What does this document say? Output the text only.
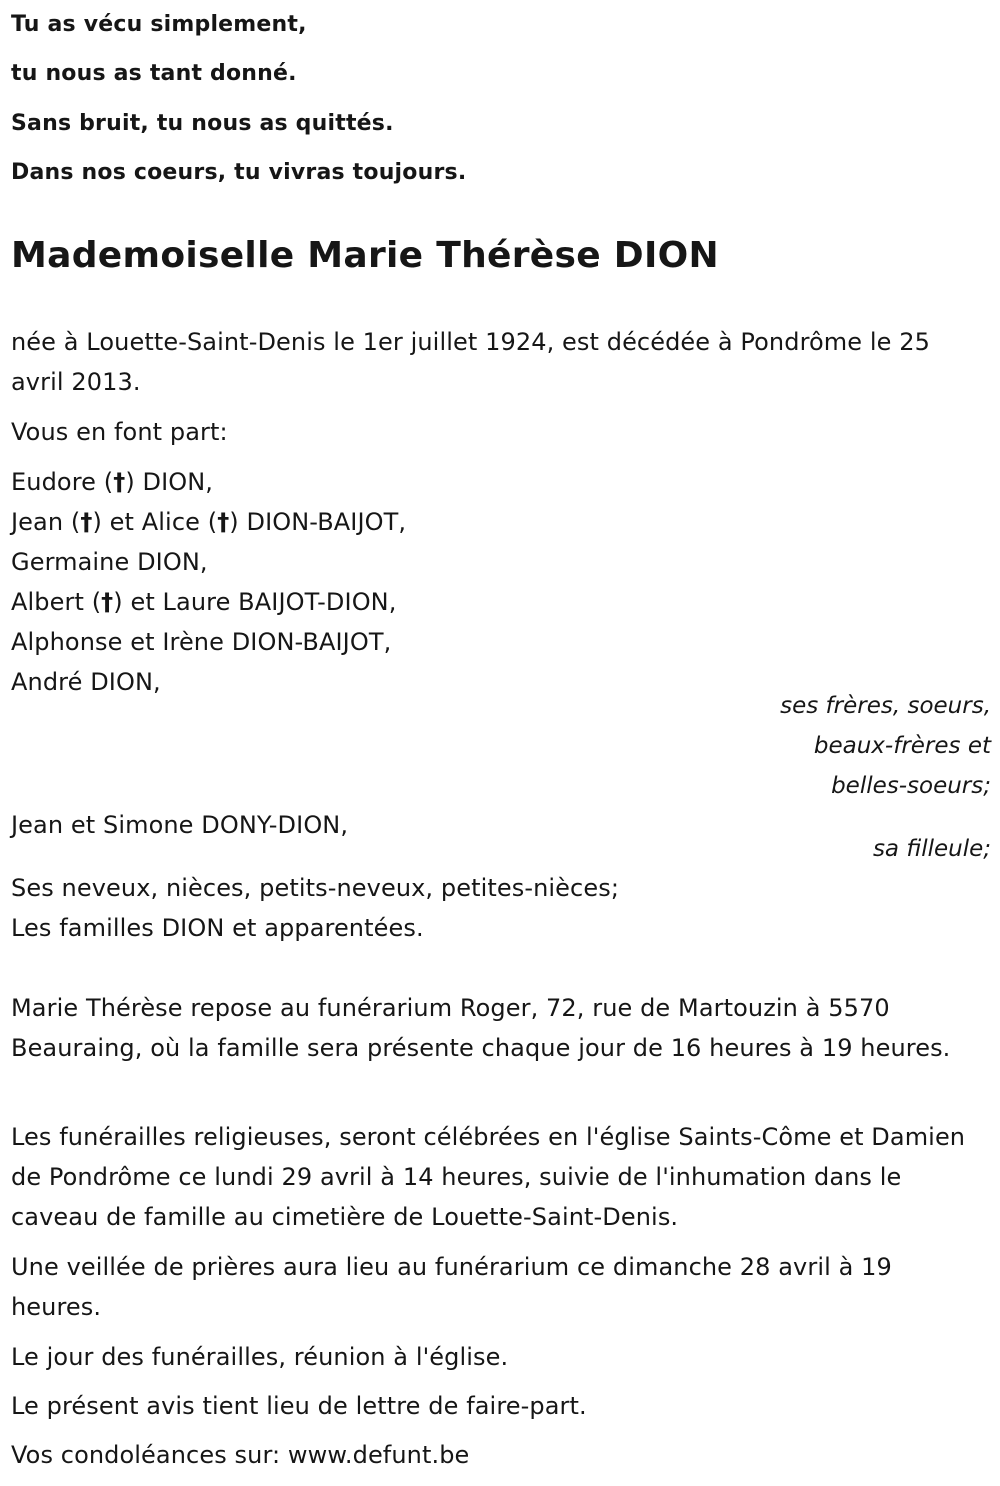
Tu as vécu simplement,

tu nous as tant donné.

Sans bruit, tu nous as quittés.

Dans nos coeurs, tu vivras toujours.

Mademoiselle Marie Thérèse DION

née à Louette-Saint-Denis le 1er juillet 1924, est décédée à Pondrôme le 25 avril 2013.

Vous en font part:

Eudore (†) DION,

Jean (†) et Alice (†) DION-BAIJOT,

Germaine DION,

Albert (†) et Laure BAIJOT-DION,

Alphonse et Irène DION-BAIJOT,

André DION,

ses frères, soeurs,

beaux-frères et

belles-soeurs;

Jean et Simone DONY-DION,

sa filleule;

Ses neveux, nièces, petits-neveux, petites-nièces;

Les familles DION et apparentées.

Marie Thérèse repose au funérarium Roger, 72, rue de Martouzin à 5570 Beauraing, où la famille sera présente chaque jour de 16 heures à 19 heures.

Les funérailles religieuses, seront célébrées en l'église Saints-Côme et Damien de Pondrôme ce lundi 29 avril à 14 heures, suivie de l'inhumation dans le caveau de famille au cimetière de Louette-Saint-Denis.

Une veillée de prières aura lieu au funérarium ce dimanche 28 avril à 19 heures.

Le jour des funérailles, réunion à l'église.

Le présent avis tient lieu de lettre de faire-part.

Vos condoléances sur: www.defunt.be
